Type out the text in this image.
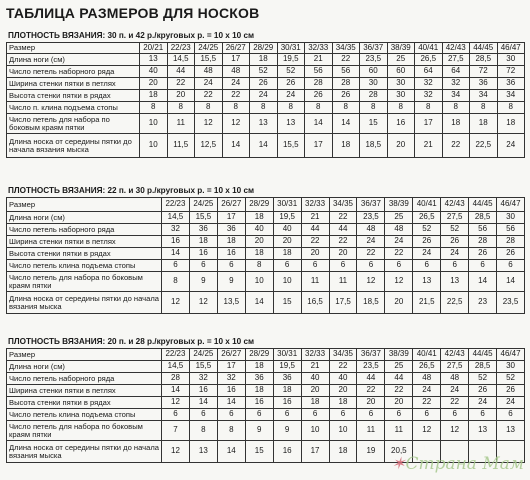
ТАБЛИЦА РАЗМЕРОВ ДЛЯ НОСКОВ
ПЛОТНОСТЬ ВЯЗАНИЯ: 30 п. и 42 р./круговых р. = 10 х 10 см
Размер	20/21	22/23	24/25	26/27	28/29	30/31	32/33	34/35	36/37	38/39	40/41	42/43	44/45	46/47
Длина ноги (см)	13	14,5	15,5	17	18	19,5	21	22	23,5	25	26,5	27,5	28,5	30
Число петель наборного ряда	40	44	48	48	52	52	56	56	60	60	64	64	72	72
Ширина стенки пятки в петлях	20	22	24	24	26	26	28	28	30	30	32	32	36	36
Высота стенки пятки в рядах	18	20	22	22	24	24	26	26	28	30	32	34	34	34
Число п. клина подъема стопы	8	8	8	8	8	8	8	8	8	8	8	8	8	8
Число петель для набора по боковым краям пятки	10	11	12	12	13	13	14	14	15	16	17	18	18	18
Длина носка от середины пятки до начала вязания мыска	10	11,5	12,5	14	14	15,5	17	18	18,5	20	21	22	22,5	24
ПЛОТНОСТЬ ВЯЗАНИЯ: 22 п. и 30 р./круговых р. = 10 х 10 см
Размер	22/23	24/25	26/27	28/29	30/31	32/33	34/35	36/37	38/39	40/41	42/43	44/45	46/47
Длина ноги (см)	14,5	15,5	17	18	19,5	21	22	23,5	25	26,5	27,5	28,5	30
Число петель наборного ряда	32	36	36	40	40	44	44	48	48	52	52	56	56
Ширина стенки пятки в петлях	16	18	18	20	20	22	22	24	24	26	26	28	28
Высота стенки пятки в рядах	14	16	16	18	18	20	20	22	22	24	24	26	26
Число петель клина подъема стопы	6	6	6	8	6	6	6	6	6	6	6	6	6
Число петель для набора по боковым краям пятки	8	9	9	10	10	11	11	12	12	13	13	14	14
Длина носка от середины пятки до начала вязания мыска	12	12	13,5	14	15	16,5	17,5	18,5	20	21,5	22,5	23	23,5
ПЛОТНОСТЬ ВЯЗАНИЯ: 20 п. и 28 р./круговых р. = 10 х 10 см
Размер	22/23	24/25	26/27	28/29	30/31	32/33	34/35	36/37	38/39	40/41	42/43	44/45	46/47
Длина ноги (см)	14,5	15,5	17	18	19,5	21	22	23,5	25	26,5	27,5	28,5	30
Число петель наборного ряда	28	32	32	36	36	40	40	44	44	48	48	52	52
Ширина стенки пятки в петлях	14	16	16	18	18	20	20	22	22	24	24	26	26
Высота стенки пятки в рядах	12	14	14	16	16	18	18	20	20	22	22	24	24
Число петель клина подъема стопы	6	6	6	6	6	6	6	6	6	6	6	6	6
Число петель для набора по боковым краям пятки	7	8	8	9	9	10	10	11	11	12	12	13	13
Длина носка от середины пятки до начала вязания мыска	12	13	14	15	16	17	18	19	20,5				
✶Страна Мам
